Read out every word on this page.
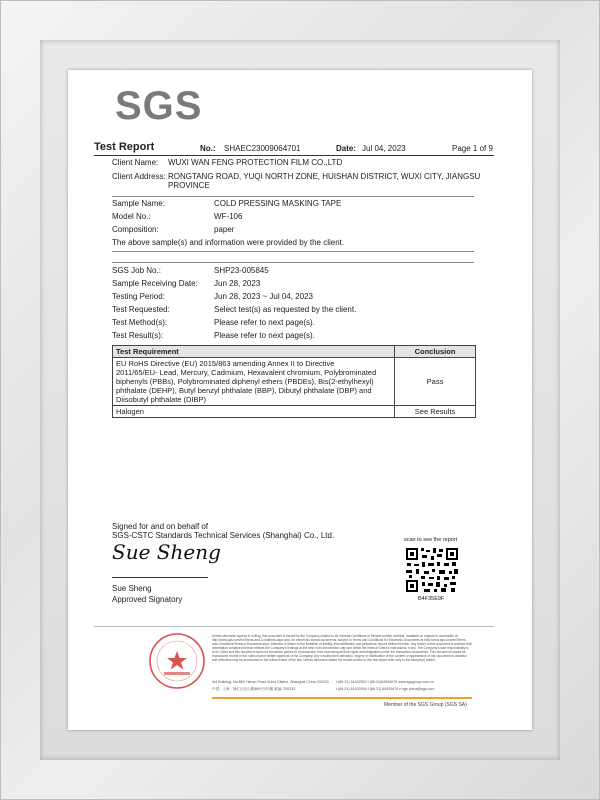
SGS
Test Report	No.: SHAEC23009064701	Date: Jul 04, 2023	Page 1 of 9
Client Name: WUXI WAN FENG PROTECTION FILM CO.,LTD
Client Address: RONGTANG ROAD, YUQI NORTH ZONE, HUISHAN DISTRICT, WUXI CITY, JIANGSU
PROVINCE
Sample Name:	COLD PRESSING MASKING TAPE
Model No.:	WF-106
Composition:	paper
The above sample(s) and information were provided by the client.
SGS Job No.:	SHP23-005845
Sample Receiving Date: Jun 28, 2023
Testing Period:	Jun 28, 2023 ~ Jul 04, 2023
Test Requested:	Select test(s) as requested by the client.
Test Method(s):	Please refer to next page(s).
Test Result(s):	Please refer to next page(s).
Test Requirement	Conclusion

EU RoHS Directive (EU) 2015/863 amending Annex II to Directive
2011/65/EU- Lead, Mercury, Cadmium, Hexavalent chromium, Polybrominated
biphenyls (PBBs), Polybrominated diphenyl ethers (PBDEs), Bis(2-ethylhexyl)
phthalate (DEHP), Butyl benzyl phthalate (BBP), Dibutyl phthalate (DBP) and
Diisobutyl phthalate (DIBP)	Pass

Halogen	See Results
Signed for and on behalf of
SGS-CSTC Standards Technical Services (Shanghai) Co., Ltd.
Sue Sheng
Sue Sheng
Approved Signatory
scan to see the report
B4F35E9F
Unless otherwise agreed in writing, this document is issued by the Company subject to its General Conditions of Service printed overleaf, available on request or accessible at http://www.sgs.com/en/Terms-and-Conditions.aspx and, for electronic format documents, subject to Terms and Conditions for Electronic Documents at http://www.sgs.com/en/Terms-and-Conditions/Terms-e-Document.aspx. Attention is drawn to the limitation of liability, indemnification and jurisdiction issues defined therein. Any holder of this document is advised that information contained hereon reflects the Company's findings at the time of its intervention only and within the limits of Client's instructions, if any. The Company's sole responsibility is to its Client and this document does not exonerate parties to a transaction from exercising all their rights and obligations under the transaction documents. This document cannot be reproduced except in full, without prior written approval of the Company. Any unauthorized alteration, forgery or falsification of the content or appearance of this document is unlawful and offenders may be prosecuted to the fullest extent of the law. Unless otherwise stated the results shown in this test report refer only to the sample(s) tested.
3rd Building, No.889 Yishan Road Xuhui District, Shanghai China 200233
中国 · 上海 · 徐汇区宜山路889号3号楼 邮编: 200233
t (86-21) 61402553 f (86-21)64953679 www.sgsgroup.com.cn
t (86-21) 61402594 f (86-21) 64953679 e sgs.china@sgs.com
Member of the SGS Group (SGS SA)
